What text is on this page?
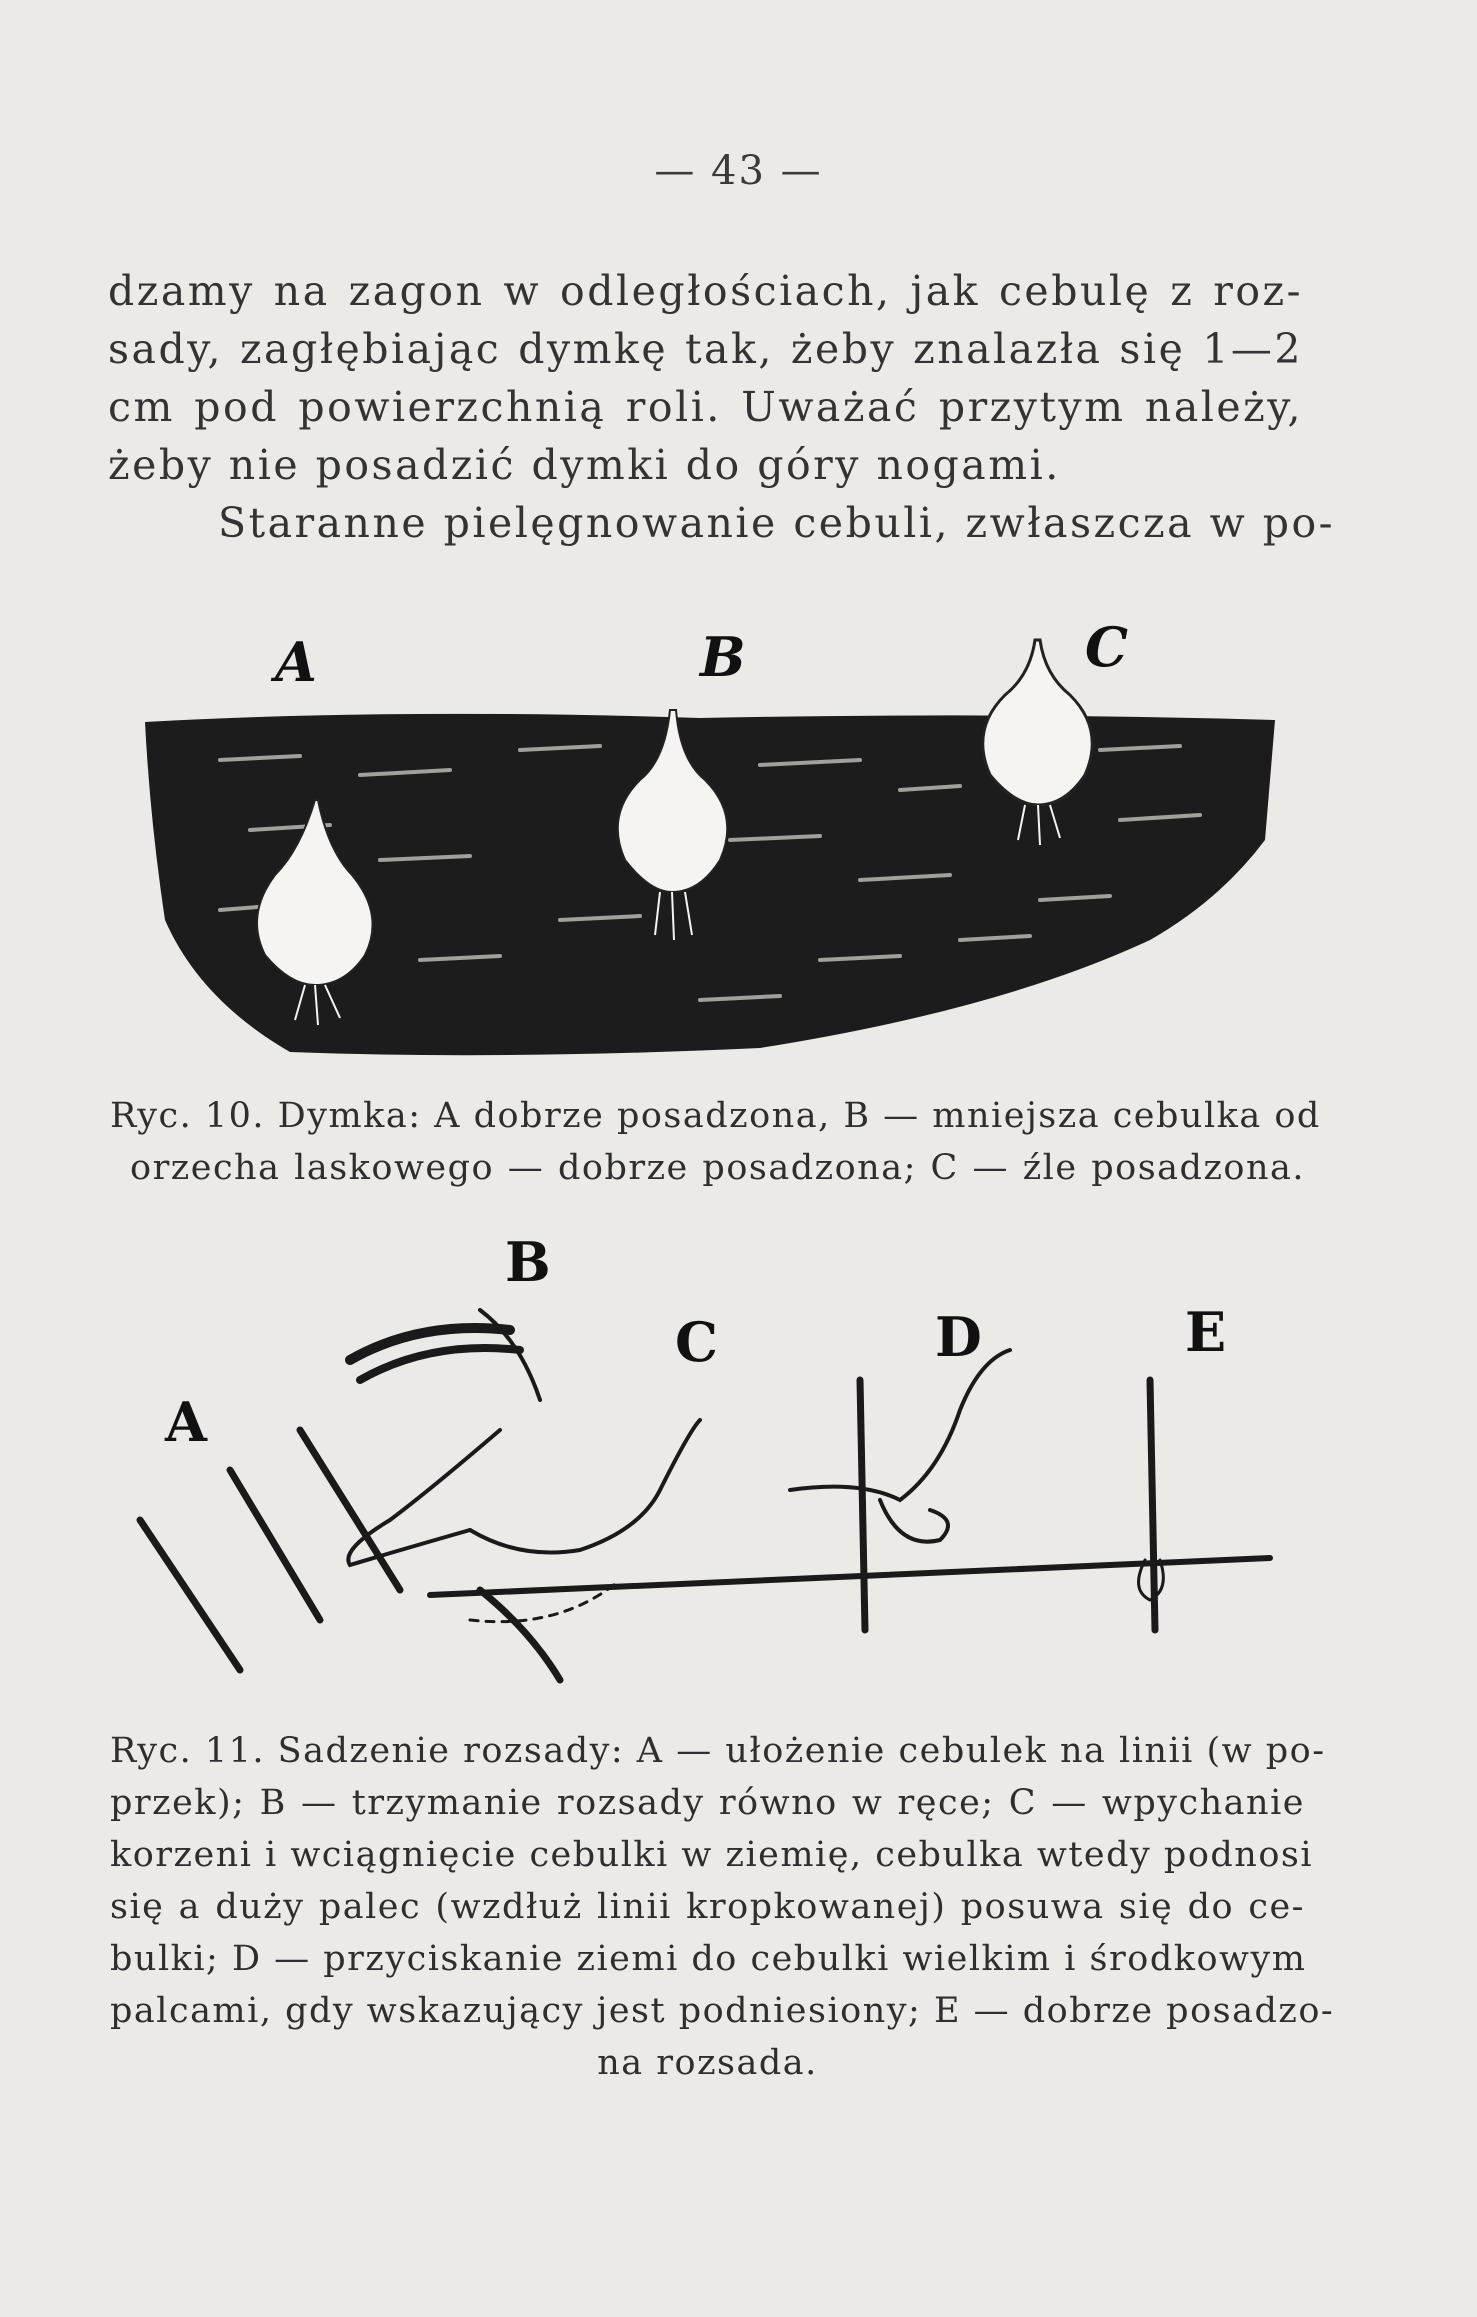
— 43 —
dzamy na zagon w odległościach, jak cebulę z roz-
sady, zagłębiając dymkę tak, żeby znalazła się 1—2
cm pod powierzchnią roli. Uważać przytym należy,
żeby nie posadzić dymki do góry nogami.
Staranne pielęgnowanie cebuli, zwłaszcza w po-
A	B	C
Ryc. 10. Dymka: A dobrze posadzona, B — mniejsza cebulka od
orzecha laskowego — dobrze posadzona; C — źle posadzona.
A
B
C	D	E
Ryc. 11. Sadzenie rozsady: A — ułożenie cebulek na linii (w po-
przek); B — trzymanie rozsady równo w ręce; C — wpychanie
korzeni i wciągnięcie cebulki w ziemię, cebulka wtedy podnosi
się a duży palec (wzdłuż linii kropkowanej) posuwa się do ce-
bulki; D — przyciskanie ziemi do cebulki wielkim i środkowym
palcami, gdy wskazujący jest podniesiony; E — dobrze posadzo-
na rozsada.
